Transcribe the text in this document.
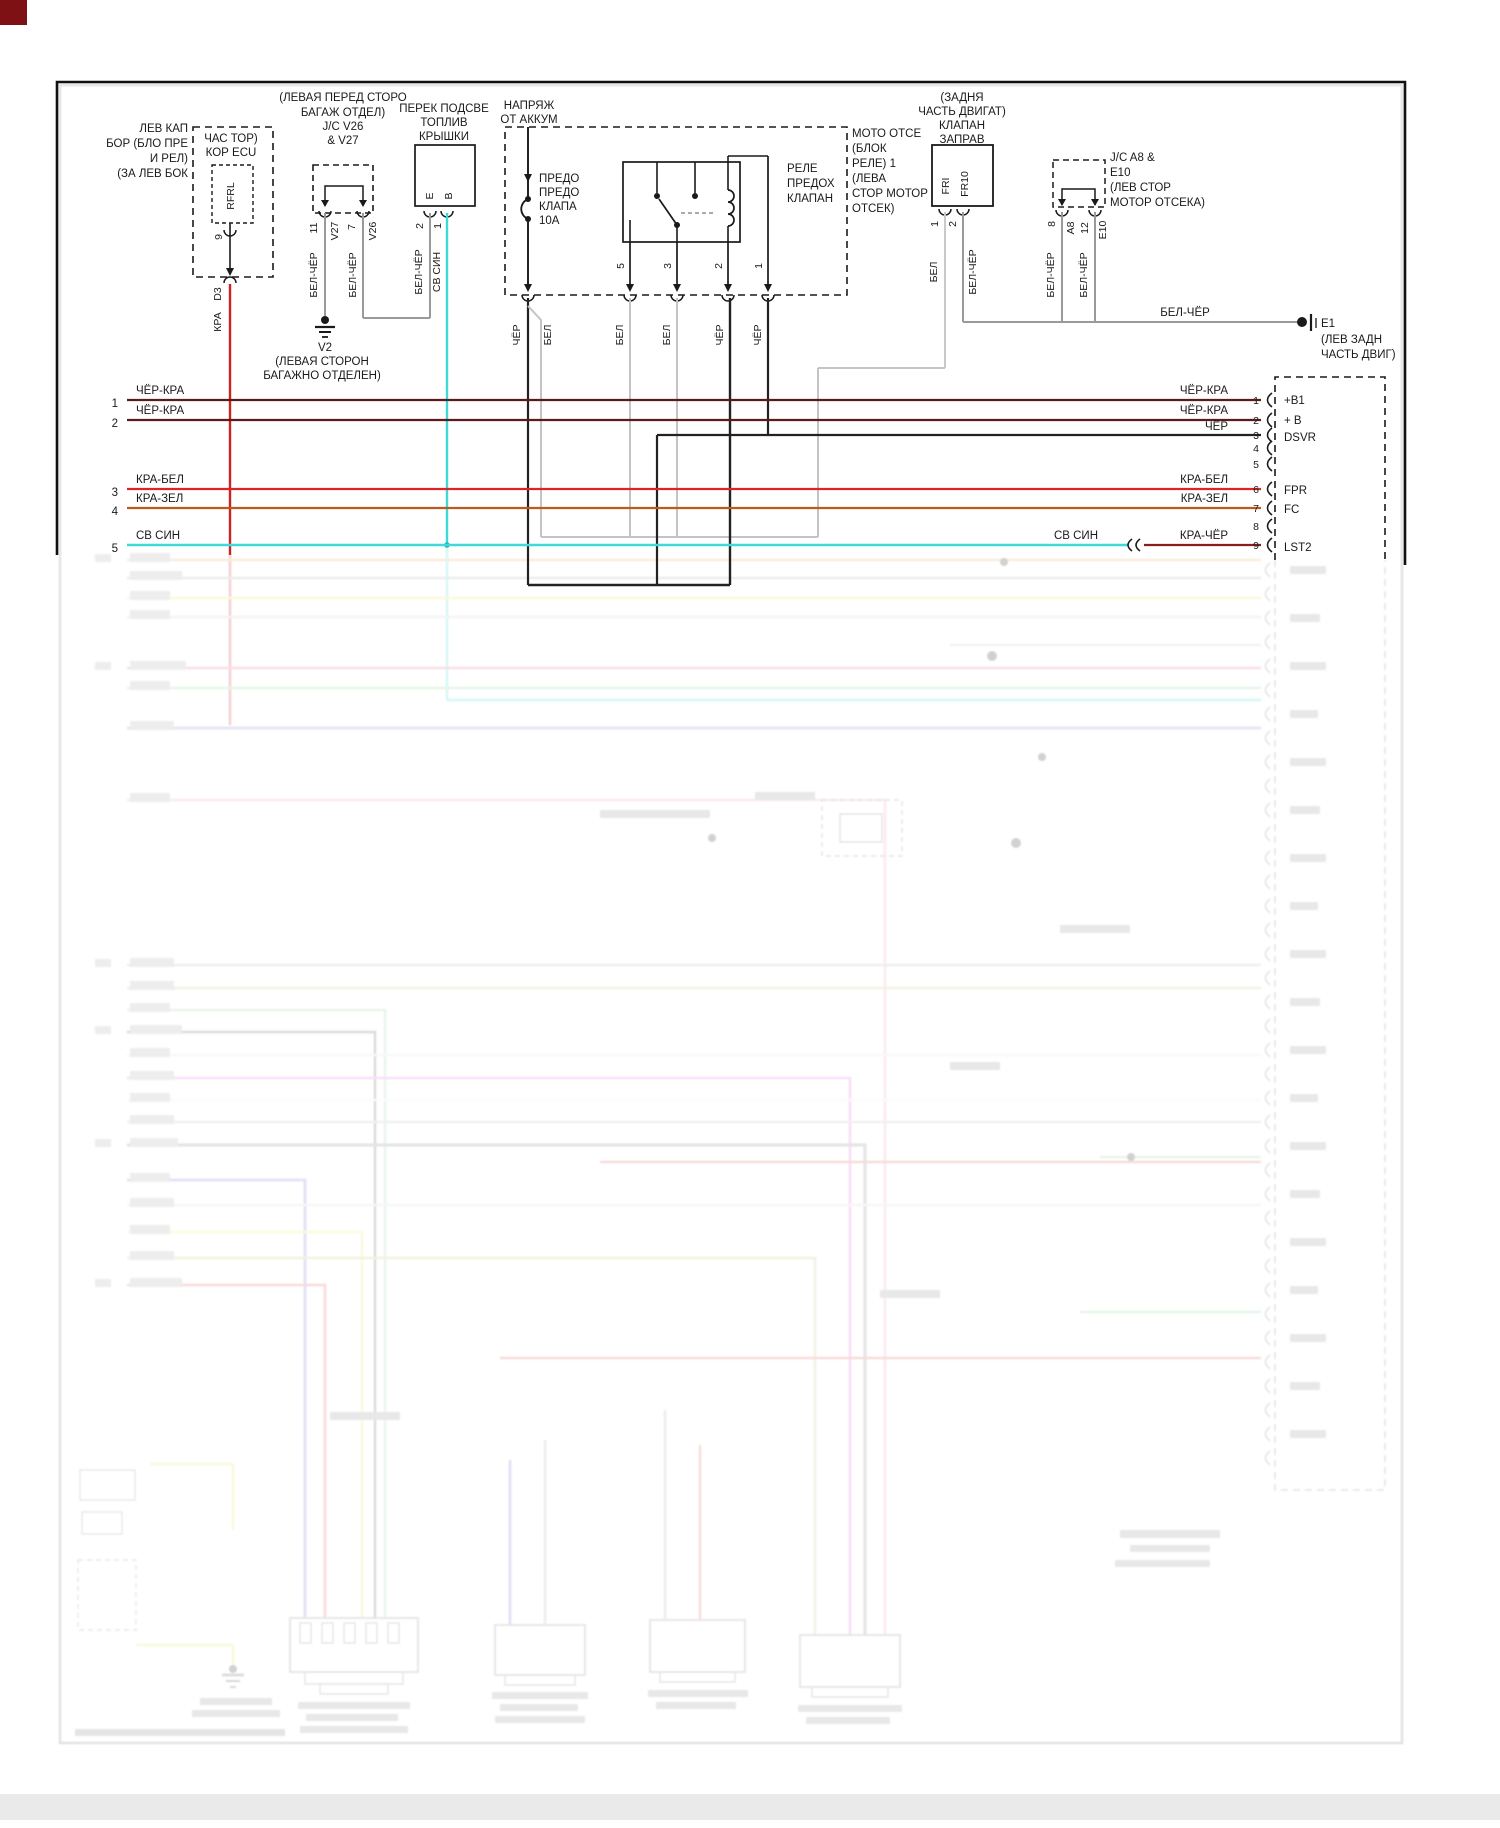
ЛЕВ КАП
БОР (БЛО ПРЕ
И РЕЛ)
(ЗА ЛЕВ БОК
ЧАС ТОР)
КОР ECU
RFRL
9
D3
КРА
(ЛЕВАЯ ПЕРЕД СТОРО
БАГАЖ ОТДЕЛ)
J/C V26
& V27
11 V27 7 V26
БЕЛ-ЧЁР	БЕЛ-ЧЁР
V2
(ЛЕВАЯ СТОРОН
БАГАЖНО ОТДЕЛЕН)
ПЕРЕК ПОДСВЕ
ТОПЛИВ
КРЫШКИ
Е В
2 1
БЕЛ-ЧЁР СВ СИН
НАПРЯЖ
ОТ АККУМ
МОТО ОТСЕ
(БЛОК
РЕЛЕ) 1
(ЛЕВА
СТОР МОТОР
ОТСЕК)
ПРЕДО
ПРЕДО
КЛАПА
10А
РЕЛЕ
ПРЕДОХ
КЛАПАН
5	3	2	1
ЧЁР БЕЛ	БЕЛ	БЕЛ	ЧЁР ЧЁР
(ЗАДНЯ
ЧАСТЬ ДВИГАТ)
КЛАПАН
ЗАПРАВ
FRI FR10
1 2
БЕЛ	БЕЛ-ЧЁР
J/C A8 &
E10
(ЛЕВ СТОР
МОТОР ОТСЕКА)
8 A8 12 E10
БЕЛ-ЧЁР БЕЛ-ЧЁР
БЕЛ-ЧЁР
E1
(ЛЕВ ЗАДН
ЧАСТЬ ДВИГ)
1
ЧЁР-КРА
2
ЧЁР-КРА
3
КРА-БЕЛ
4
КРА-ЗЕЛ
5
СВ СИН
ЧЁР-КРА
ЧЁР-КРА
ЧЁР
КРА-БЕЛ
КРА-ЗЕЛ
КРА-ЧЁР
СВ СИН
1
2
3
4
5
6
7
8
9
+B1
+ B
DSVR
FPR
FC
LST2
